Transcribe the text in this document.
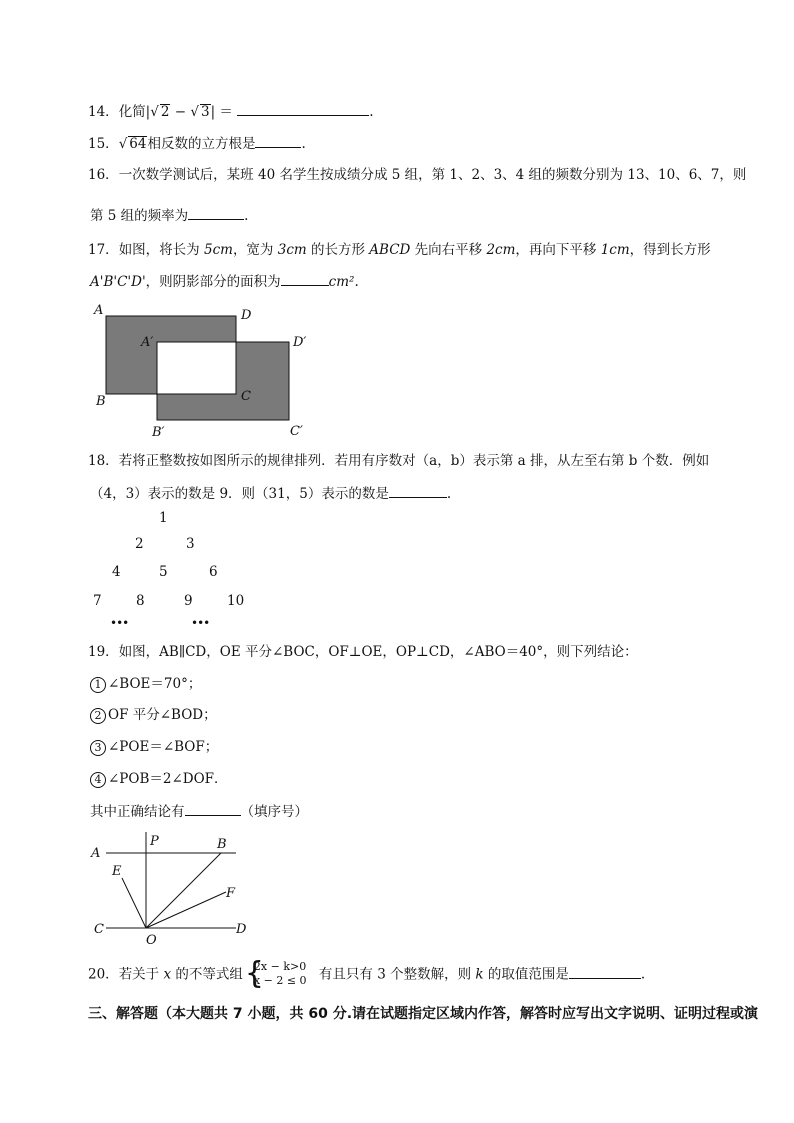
14．化简|√ 2 − √ 3| ＝	.
15．√ 64相反数的立方根是	.
16．一次数学测试后，某班 40 名学生按成绩分成 5 组，第 1、2、3、4 组的频数分别为 13、10、6、7，则
第 5 组的频率为	.
17．如图，将长为 5cm，宽为 3cm 的长方形 ABCD 先向右平移 2cm，再向下平移 1cm，得到长方形
A'B'C'D'，则阴影部分的面积为	cm².
A	D
A′	D′
C
B
B′	C′
18．若将正整数按如图所示的规律排列．若用有序数对（a，b）表示第 a 排，从左至右第 b 个数．例如
（4，3）表示的数是 9．则（31，5）表示的数是	.
1
2	3
4	5	6
7	8	9	10
•••	•••
19．如图，AB∥CD，OE 平分∠BOC，OF⊥OE，OP⊥CD，∠ABO＝40°，则下列结论：
1 ∠BOE＝70°；
2 OF 平分∠BOD；
3 ∠POE＝∠BOF；
4 ∠POB＝2∠DOF．
其中正确结论有	（填序号）
A
P	B
E
F
C
O
D
20．若关于 x 的不等式组 {
2x − k>0
x − 2 ≤ 0 有且只有 3 个整数解，则 k 的取值范围是	.
三、解答题（本大题共 7 小题，共 60 分.请在试题指定区域内作答，解答时应写出文字说明、证明过程或演
